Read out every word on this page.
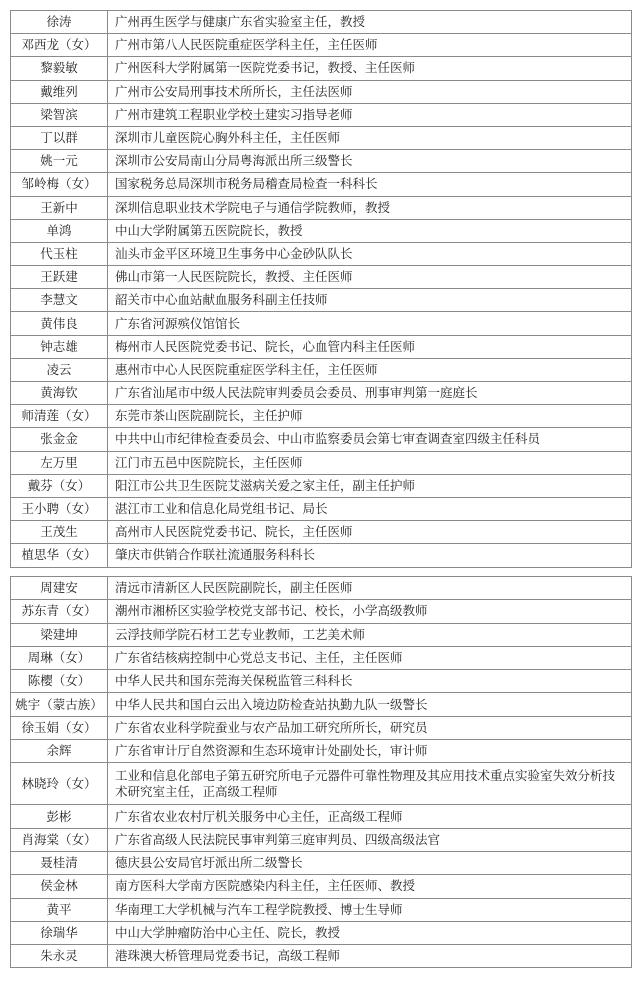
徐涛	广州再生医学与健康广东省实验室主任，教授
邓西龙（女）	广州市第八人民医院重症医学科主任，主任医师
黎毅敏	广州医科大学附属第一医院党委书记，教授、主任医师
戴维列	广州市公安局刑事技术所所长，主任法医师
梁智滨	广州市建筑工程职业学校土建实习指导老师
丁以群	深圳市儿童医院心胸外科主任，主任医师
姚一元	深圳市公安局南山分局粤海派出所三级警长
邹岭梅（女）	国家税务总局深圳市税务局稽查局检查一科科长
王新中	深圳信息职业技术学院电子与通信学院教师，教授
单鸿	中山大学附属第五医院院长，教授
代玉柱	汕头市金平区环境卫生事务中心金砂队队长
王跃建	佛山市第一人民医院院长，教授、主任医师
李慧文	韶关市中心血站献血服务科副主任技师
黄伟良	广东省河源殡仪馆馆长
钟志雄	梅州市人民医院党委书记、院长，心血管内科主任医师
凌云	惠州市中心人民医院重症医学科主任，主任医师
黄海钦	广东省汕尾市中级人民法院审判委员会委员、刑事审判第一庭庭长
师清莲（女）	东莞市茶山医院副院长，主任护师
张金金	中共中山市纪律检查委员会、中山市监察委员会第七审查调查室四级主任科员
左万里	江门市五邑中医院院长，主任医师
戴芬（女）	阳江市公共卫生医院艾滋病关爱之家主任，副主任护师
王小聘（女）	湛江市工业和信息化局党组书记、局长
王茂生	高州市人民医院党委书记、院长，主任医师
植思华（女）	肇庆市供销合作联社流通服务科科长
周建安	清远市清新区人民医院副院长，副主任医师
苏东青（女）	潮州市湘桥区实验学校党支部书记、校长，小学高级教师
梁建坤	云浮技师学院石材工艺专业教师，工艺美术师
周琳（女）	广东省结核病控制中心党总支书记、主任，主任医师
陈樱（女）	中华人民共和国东莞海关保税监管三科科长
姚宇（蒙古族）	中华人民共和国白云出入境边防检查站执勤九队一级警长
徐玉娟（女）	广东省农业科学院蚕业与农产品加工研究所所长，研究员
余辉	广东省审计厅自然资源和生态环境审计处副处长，审计师
林晓玲（女）	工业和信息化部电子第五研究所电子元器件可靠性物理及其应用技术重点实验室失效分析技术研究室主任，正高级工程师
彭彬	广东省农业农村厅机关服务中心主任，正高级工程师
肖海棠（女）	广东省高级人民法院民事审判第三庭审判员、四级高级法官
聂桂清	德庆县公安局官圩派出所二级警长
侯金林	南方医科大学南方医院感染内科主任，主任医师、教授
黄平	华南理工大学机械与汽车工程学院教授、博士生导师
徐瑞华	中山大学肿瘤防治中心主任、院长，教授
朱永灵	港珠澳大桥管理局党委书记，高级工程师
